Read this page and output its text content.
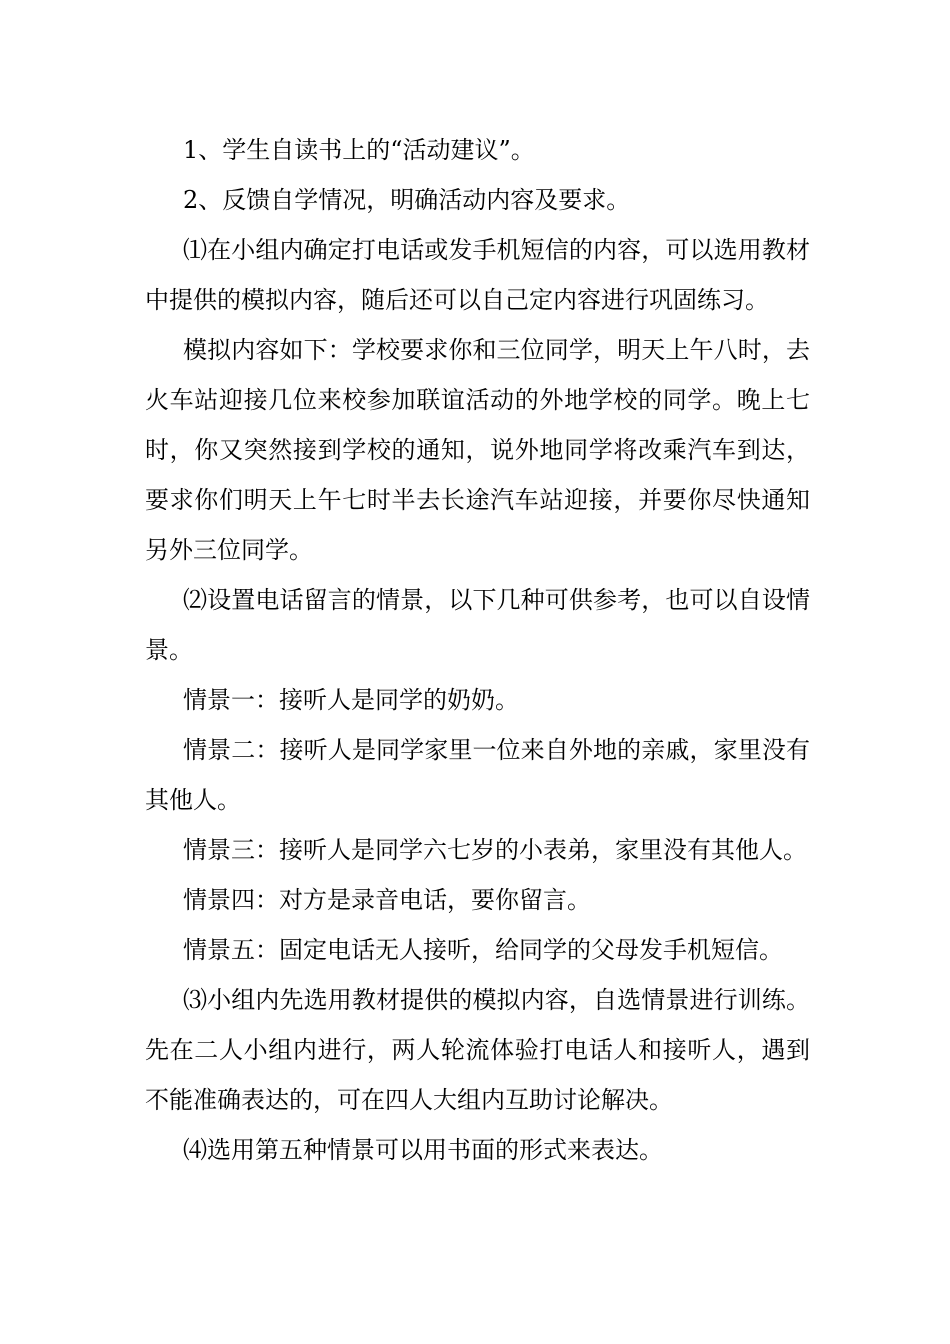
1、学生自读书上的“活动建议”。

2、反馈自学情况，明确活动内容及要求。

⑴在小组内确定打电话或发手机短信的内容，可以选用教材中提供的模拟内容，随后还可以自己定内容进行巩固练习。

模拟内容如下：学校要求你和三位同学，明天上午八时，去火车站迎接几位来校参加联谊活动的外地学校的同学。晚上七时，你又突然接到学校的通知，说外地同学将改乘汽车到达，要求你们明天上午七时半去长途汽车站迎接，并要你尽快通知另外三位同学。

⑵设置电话留言的情景，以下几种可供参考，也可以自设情景。

情景一：接听人是同学的奶奶。

情景二：接听人是同学家里一位来自外地的亲戚，家里没有其他人。

情景三：接听人是同学六七岁的小表弟，家里没有其他人。

情景四：对方是录音电话，要你留言。

情景五：固定电话无人接听，给同学的父母发手机短信。

⑶小组内先选用教材提供的模拟内容，自选情景进行训练。先在二人小组内进行，两人轮流体验打电话人和接听人，遇到不能准确表达的，可在四人大组内互助讨论解决。

⑷选用第五种情景可以用书面的形式来表达。
